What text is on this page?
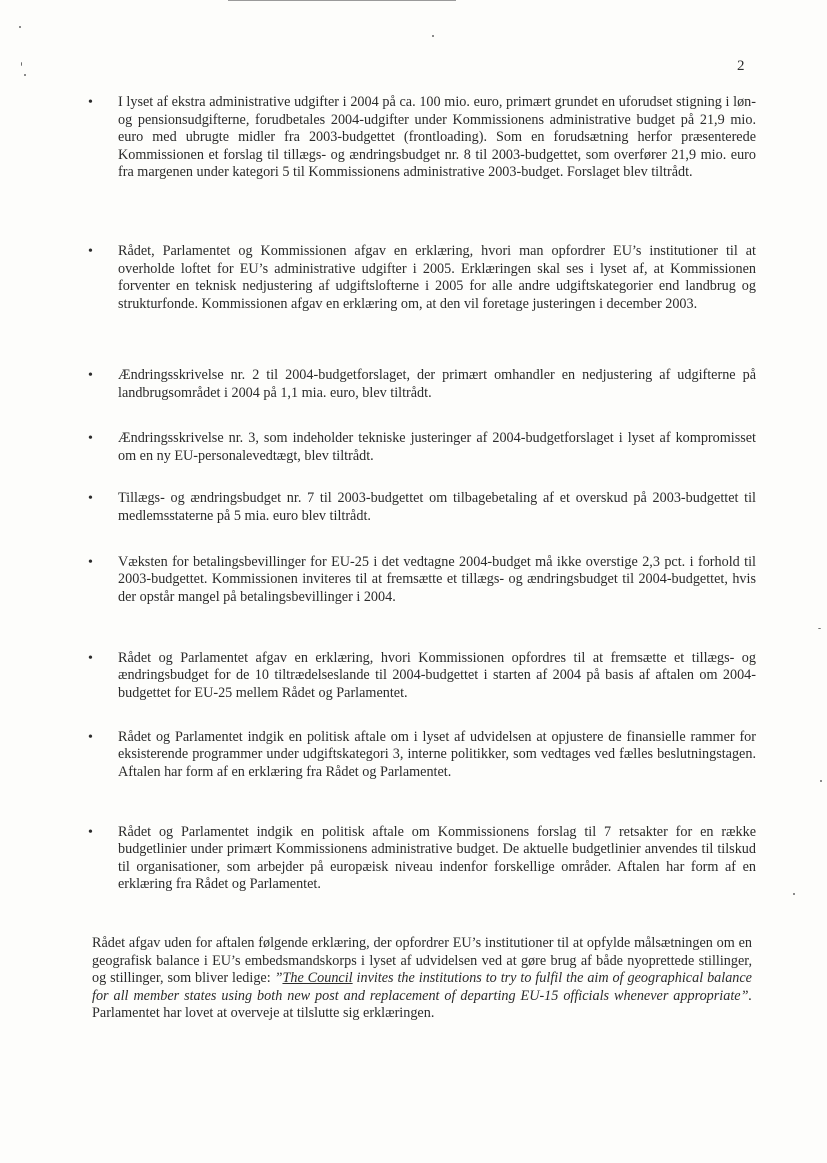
2
• I lyset af ekstra administrative udgifter i 2004 på ca. 100 mio. euro, primært grundet en uforudset stigning i løn- og pensionsudgifterne, forudbetales 2004-udgifter under Kommissionens administrative budget på 21,9 mio. euro med ubrugte midler fra 2003-budgettet (frontloading). Som en forudsætning herfor præsenterede Kommissionen et forslag til tillægs- og ændringsbudget nr. 8 til 2003-budgettet, som overfører 21,9 mio. euro fra margenen under kategori 5 til Kommissionens administrative 2003-budget. Forslaget blev tiltrådt.
• Rådet, Parlamentet og Kommissionen afgav en erklæring, hvori man opfordrer EU’s institutioner til at overholde loftet for EU’s administrative udgifter i 2005. Erklæringen skal ses i lyset af, at Kommissionen forventer en teknisk nedjustering af udgiftslofterne i 2005 for alle andre udgiftskategorier end landbrug og strukturfonde. Kommissionen afgav en erklæring om, at den vil foretage justeringen i december 2003.
• Ændringsskrivelse nr. 2 til 2004-budgetforslaget, der primært omhandler en nedjustering af udgifterne på landbrugsområdet i 2004 på 1,1 mia. euro, blev tiltrådt.
• Ændringsskrivelse nr. 3, som indeholder tekniske justeringer af 2004-budgetforslaget i lyset af kompromisset om en ny EU-personalevedtægt, blev tiltrådt.
• Tillægs- og ændringsbudget nr. 7 til 2003-budgettet om tilbagebetaling af et overskud på 2003-budgettet til medlemsstaterne på 5 mia. euro blev tiltrådt.
• Væksten for betalingsbevillinger for EU-25 i det vedtagne 2004-budget må ikke overstige 2,3 pct. i forhold til 2003-budgettet. Kommissionen inviteres til at fremsætte et tillægs- og ændringsbudget til 2004-budgettet, hvis der opstår mangel på betalingsbevillinger i 2004.
• Rådet og Parlamentet afgav en erklæring, hvori Kommissionen opfordres til at fremsætte et tillægs- og ændringsbudget for de 10 tiltrædelseslande til 2004-budgettet i starten af 2004 på basis af aftalen om 2004-budgettet for EU-25 mellem Rådet og Parlamentet.
• Rådet og Parlamentet indgik en politisk aftale om i lyset af udvidelsen at opjustere de finansielle rammer for eksisterende programmer under udgiftskategori 3, interne politikker, som vedtages ved fælles beslutningstagen. Aftalen har form af en erklæring fra Rådet og Parlamentet.
• Rådet og Parlamentet indgik en politisk aftale om Kommissionens forslag til 7 retsakter for en række budgetlinier under primært Kommissionens administrative budget. De aktuelle budgetlinier anvendes til tilskud til organisationer, som arbejder på europæisk niveau indenfor forskellige områder. Aftalen har form af en erklæring fra Rådet og Parlamentet.

Rådet afgav uden for aftalen følgende erklæring, der opfordrer EU’s institutioner til at opfylde målsætningen om en geografisk balance i EU’s embedsmandskorps i lyset af udvidelsen ved at gøre brug af både nyoprettede stillinger, og stillinger, som bliver ledige: ”The Council invites the institutions to try to fulfil the aim of geographical balance for all member states using both new post and replacement of departing EU-15 officials whenever appropriate”. Parlamentet har lovet at overveje at tilslutte sig erklæringen.
